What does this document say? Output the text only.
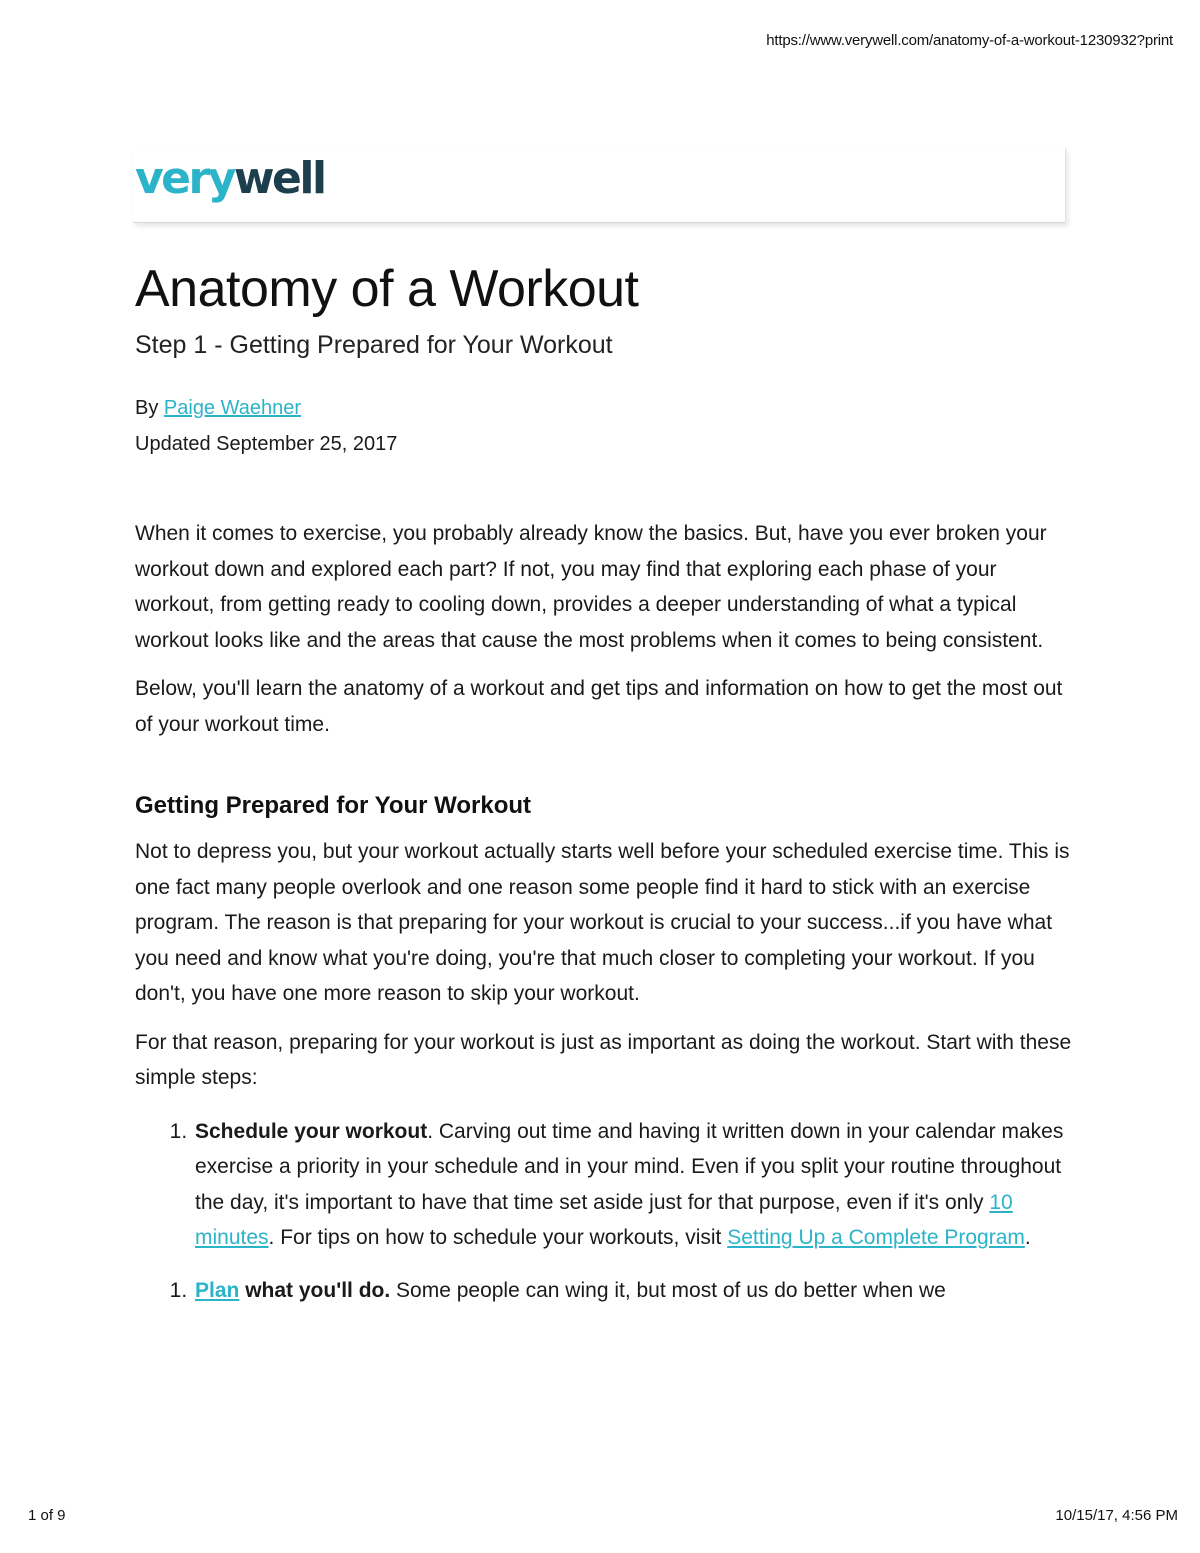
https://www.verywell.com/anatomy-of-a-workout-1230932?print
verywell
Anatomy of a Workout
Step 1 - Getting Prepared for Your Workout
By Paige Waehner
Updated September 25, 2017

When it comes to exercise, you probably already know the basics. But, have you ever broken your workout down and explored each part? If not, you may find that exploring each phase of your workout, from getting ready to cooling down, provides a deeper understanding of what a typical workout looks like and the areas that cause the most problems when it comes to being consistent.

Below, you'll learn the anatomy of a workout and get tips and information on how to get the most out of your workout time.

Getting Prepared for Your Workout

Not to depress you, but your workout actually starts well before your scheduled exercise time. This is one fact many people overlook and one reason some people find it hard to stick with an exercise program. The reason is that preparing for your workout is crucial to your success...if you have what you need and know what you're doing, you're that much closer to completing your workout. If you don't, you have one more reason to skip your workout.

For that reason, preparing for your workout is just as important as doing the workout. Start with these simple steps:

1. Schedule your workout. Carving out time and having it written down in your calendar makes exercise a priority in your schedule and in your mind. Even if you split your routine throughout the day, it's important to have that time set aside just for that purpose, even if it's only 10 minutes. For tips on how to schedule your workouts, visit Setting Up a Complete Program.
1. Plan what you'll do. Some people can wing it, but most of us do better when we
1 of 9	10/15/17, 4:56 PM
